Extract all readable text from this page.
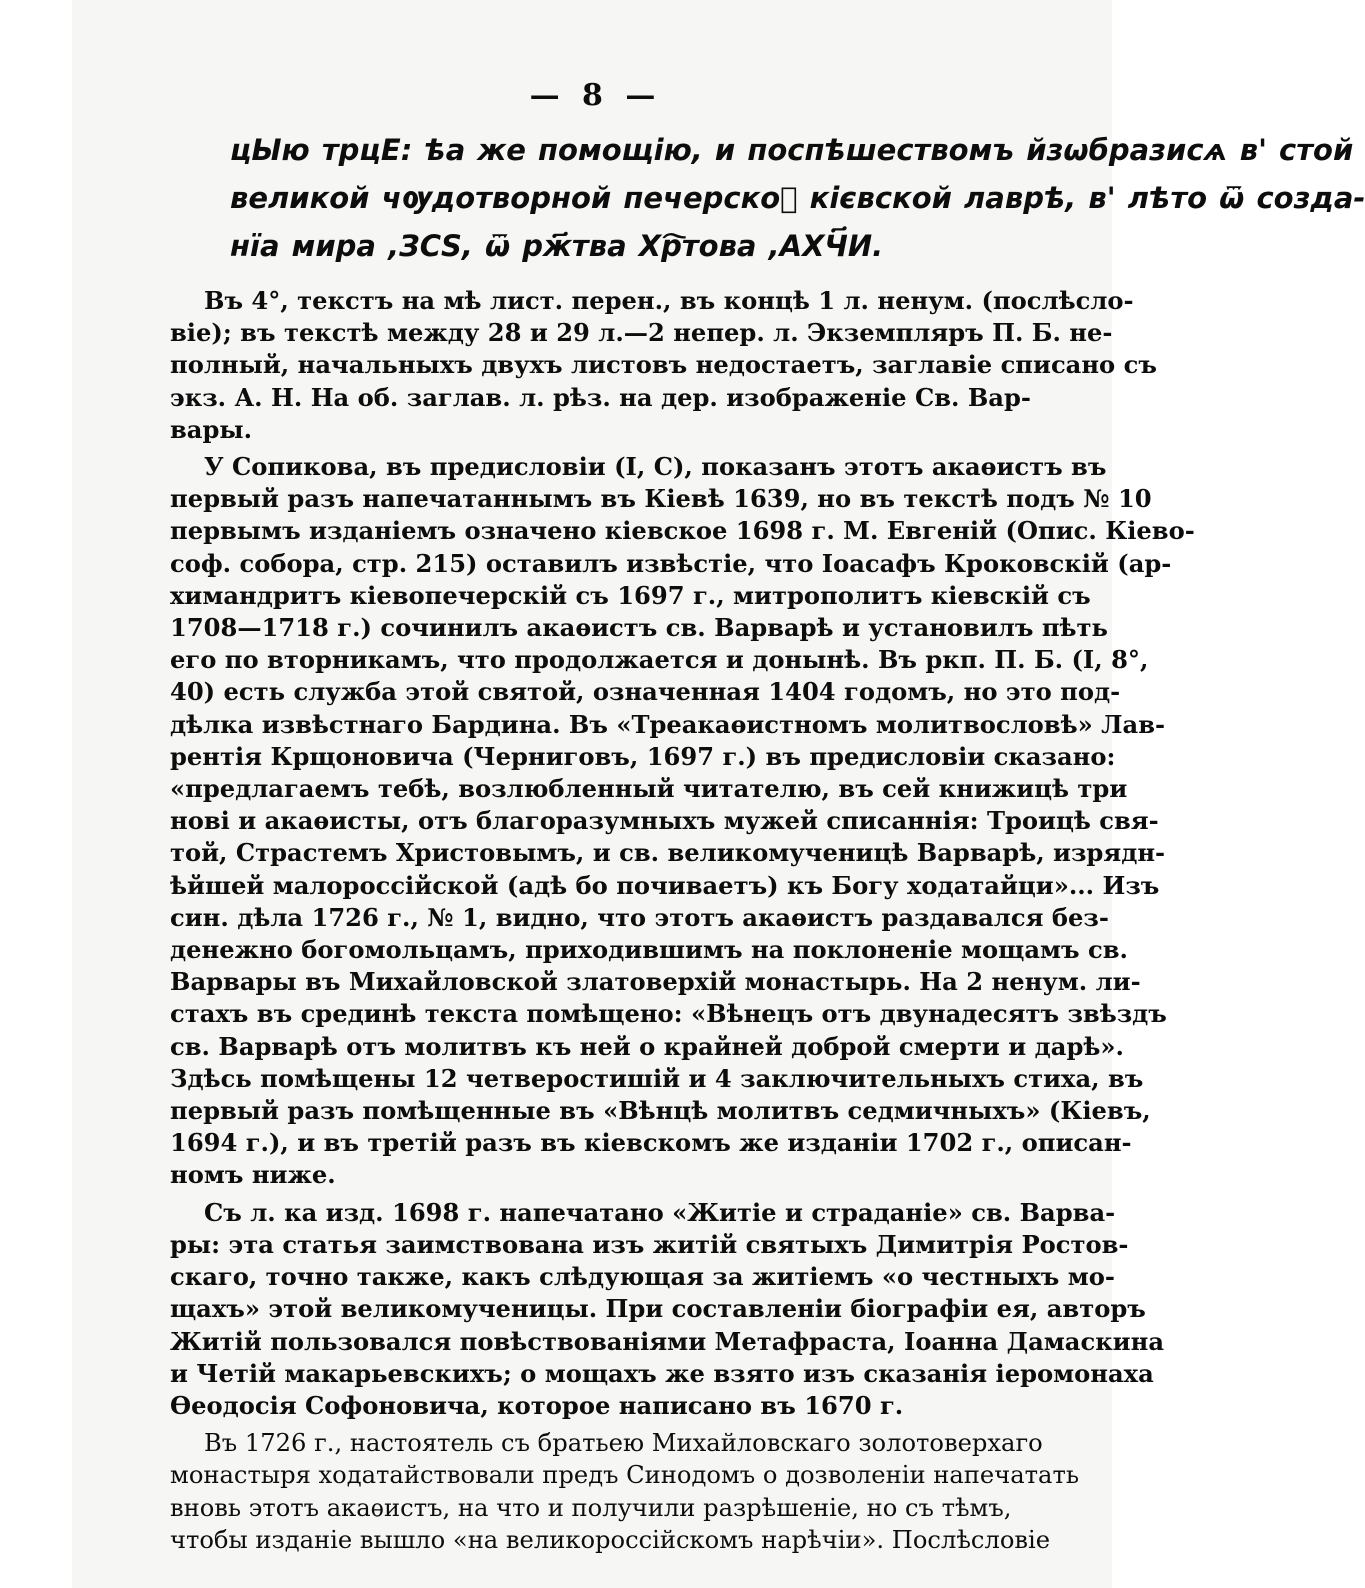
— 8 —
цЫю трцЕ: ѣа же помощію, и поспѣшествомъ йзѡбразисѧ в' стой
великой чѹдотворной печерскоⷫ кієвской лаврѣ, в' лѣто ѿ созда-
нїа мира ,ЗСЅ, ѿ рж҃тва Хр҇това ,АХЧ҃И.
Въ 4°, текстъ на мѣ лист. перен., въ концѣ 1 л. ненум. (послѣсло-
віе); въ текстѣ между 28 и 29 л.—2 непер. л. Экземпляръ П. Б. не-
полный, начальныхъ двухъ листовъ недостаетъ, заглавіе списано съ
экз. А. Н. На об. заглав. л. рѣз. на дер. изображеніе Св. Вар-
вары.
У Сопикова, въ предисловіи (I, C), показанъ этотъ акаѳистъ въ
первый разъ напечатаннымъ въ Кіевѣ 1639, но въ текстѣ подъ № 10
первымъ изданіемъ означено кіевское 1698 г. М. Евгеній (Опис. Кіево-
соф. собора, стр. 215) оставилъ извѣстіе, что Іоасафъ Кроковскій (ар-
химандритъ кіевопечерскій съ 1697 г., митрополитъ кіевскій съ
1708—1718 г.) сочинилъ акаѳистъ св. Варварѣ и установилъ пѣть
его по вторникамъ, что продолжается и донынѣ. Въ ркп. П. Б. (I, 8°,
40) есть служба этой святой, означенная 1404 годомъ, но это под-
дѣлка извѣстнаго Бардина. Въ «Треакаѳистномъ молитвословѣ» Лав-
рентія Крщоновича (Черниговъ, 1697 г.) въ предисловіи сказано:
«предлагаемъ тебѣ, возлюбленный читателю, въ сей книжицѣ три
нові и акаѳисты, отъ благоразумныхъ мужей списаннія: Троицѣ свя-
той, Страстемъ Христовымъ, и св. великомученицѣ Варварѣ, изрядн-
ѣйшей малороссійской (адѣ бо почиваетъ) къ Богу ходатайци»... Изъ
син. дѣла 1726 г., № 1, видно, что этотъ акаѳистъ раздавался без-
денежно богомольцамъ, приходившимъ на поклоненіе мощамъ св.
Варвары въ Михайловской златоверхій монастырь. На 2 ненум. ли-
стахъ въ срединѣ текста помѣщено: «Вѣнецъ отъ двунадесятъ звѣздъ
св. Варварѣ отъ молитвъ къ ней о крайней доброй смерти и дарѣ».
Здѣсь помѣщены 12 четверостишій и 4 заключительныхъ стиха, въ
первый разъ помѣщенные въ «Вѣнцѣ молитвъ седмичныхъ» (Кіевъ,
1694 г.), и въ третій разъ въ кіевскомъ же изданіи 1702 г., описан-
номъ ниже.
Съ л. ка изд. 1698 г. напечатано «Житіе и страданіе» св. Варва-
ры: эта статья заимствована изъ житій святыхъ Димитрія Ростов-
скаго, точно также, какъ слѣдующая за житіемъ «о честныхъ мо-
щахъ» этой великомученицы. При составленіи біографіи ея, авторъ
Житій пользовался повѣствованіями Метафраста, Іоанна Дамаскина
и Четій макарьевскихъ; о мощахъ же взято изъ сказанія іеромонаха
Ѳеодосія Софоновича, которое написано въ 1670 г.
Въ 1726 г., настоятель съ братьею Михайловскаго золотоверхаго
монастыря ходатайствовали предъ Синодомъ о дозволеніи напечатать
вновь этотъ акаѳистъ, на что и получили разрѣшеніе, но съ тѣмъ,
чтобы изданіе вышло «на великороссійскомъ нарѣчіи». Послѣсловіе
